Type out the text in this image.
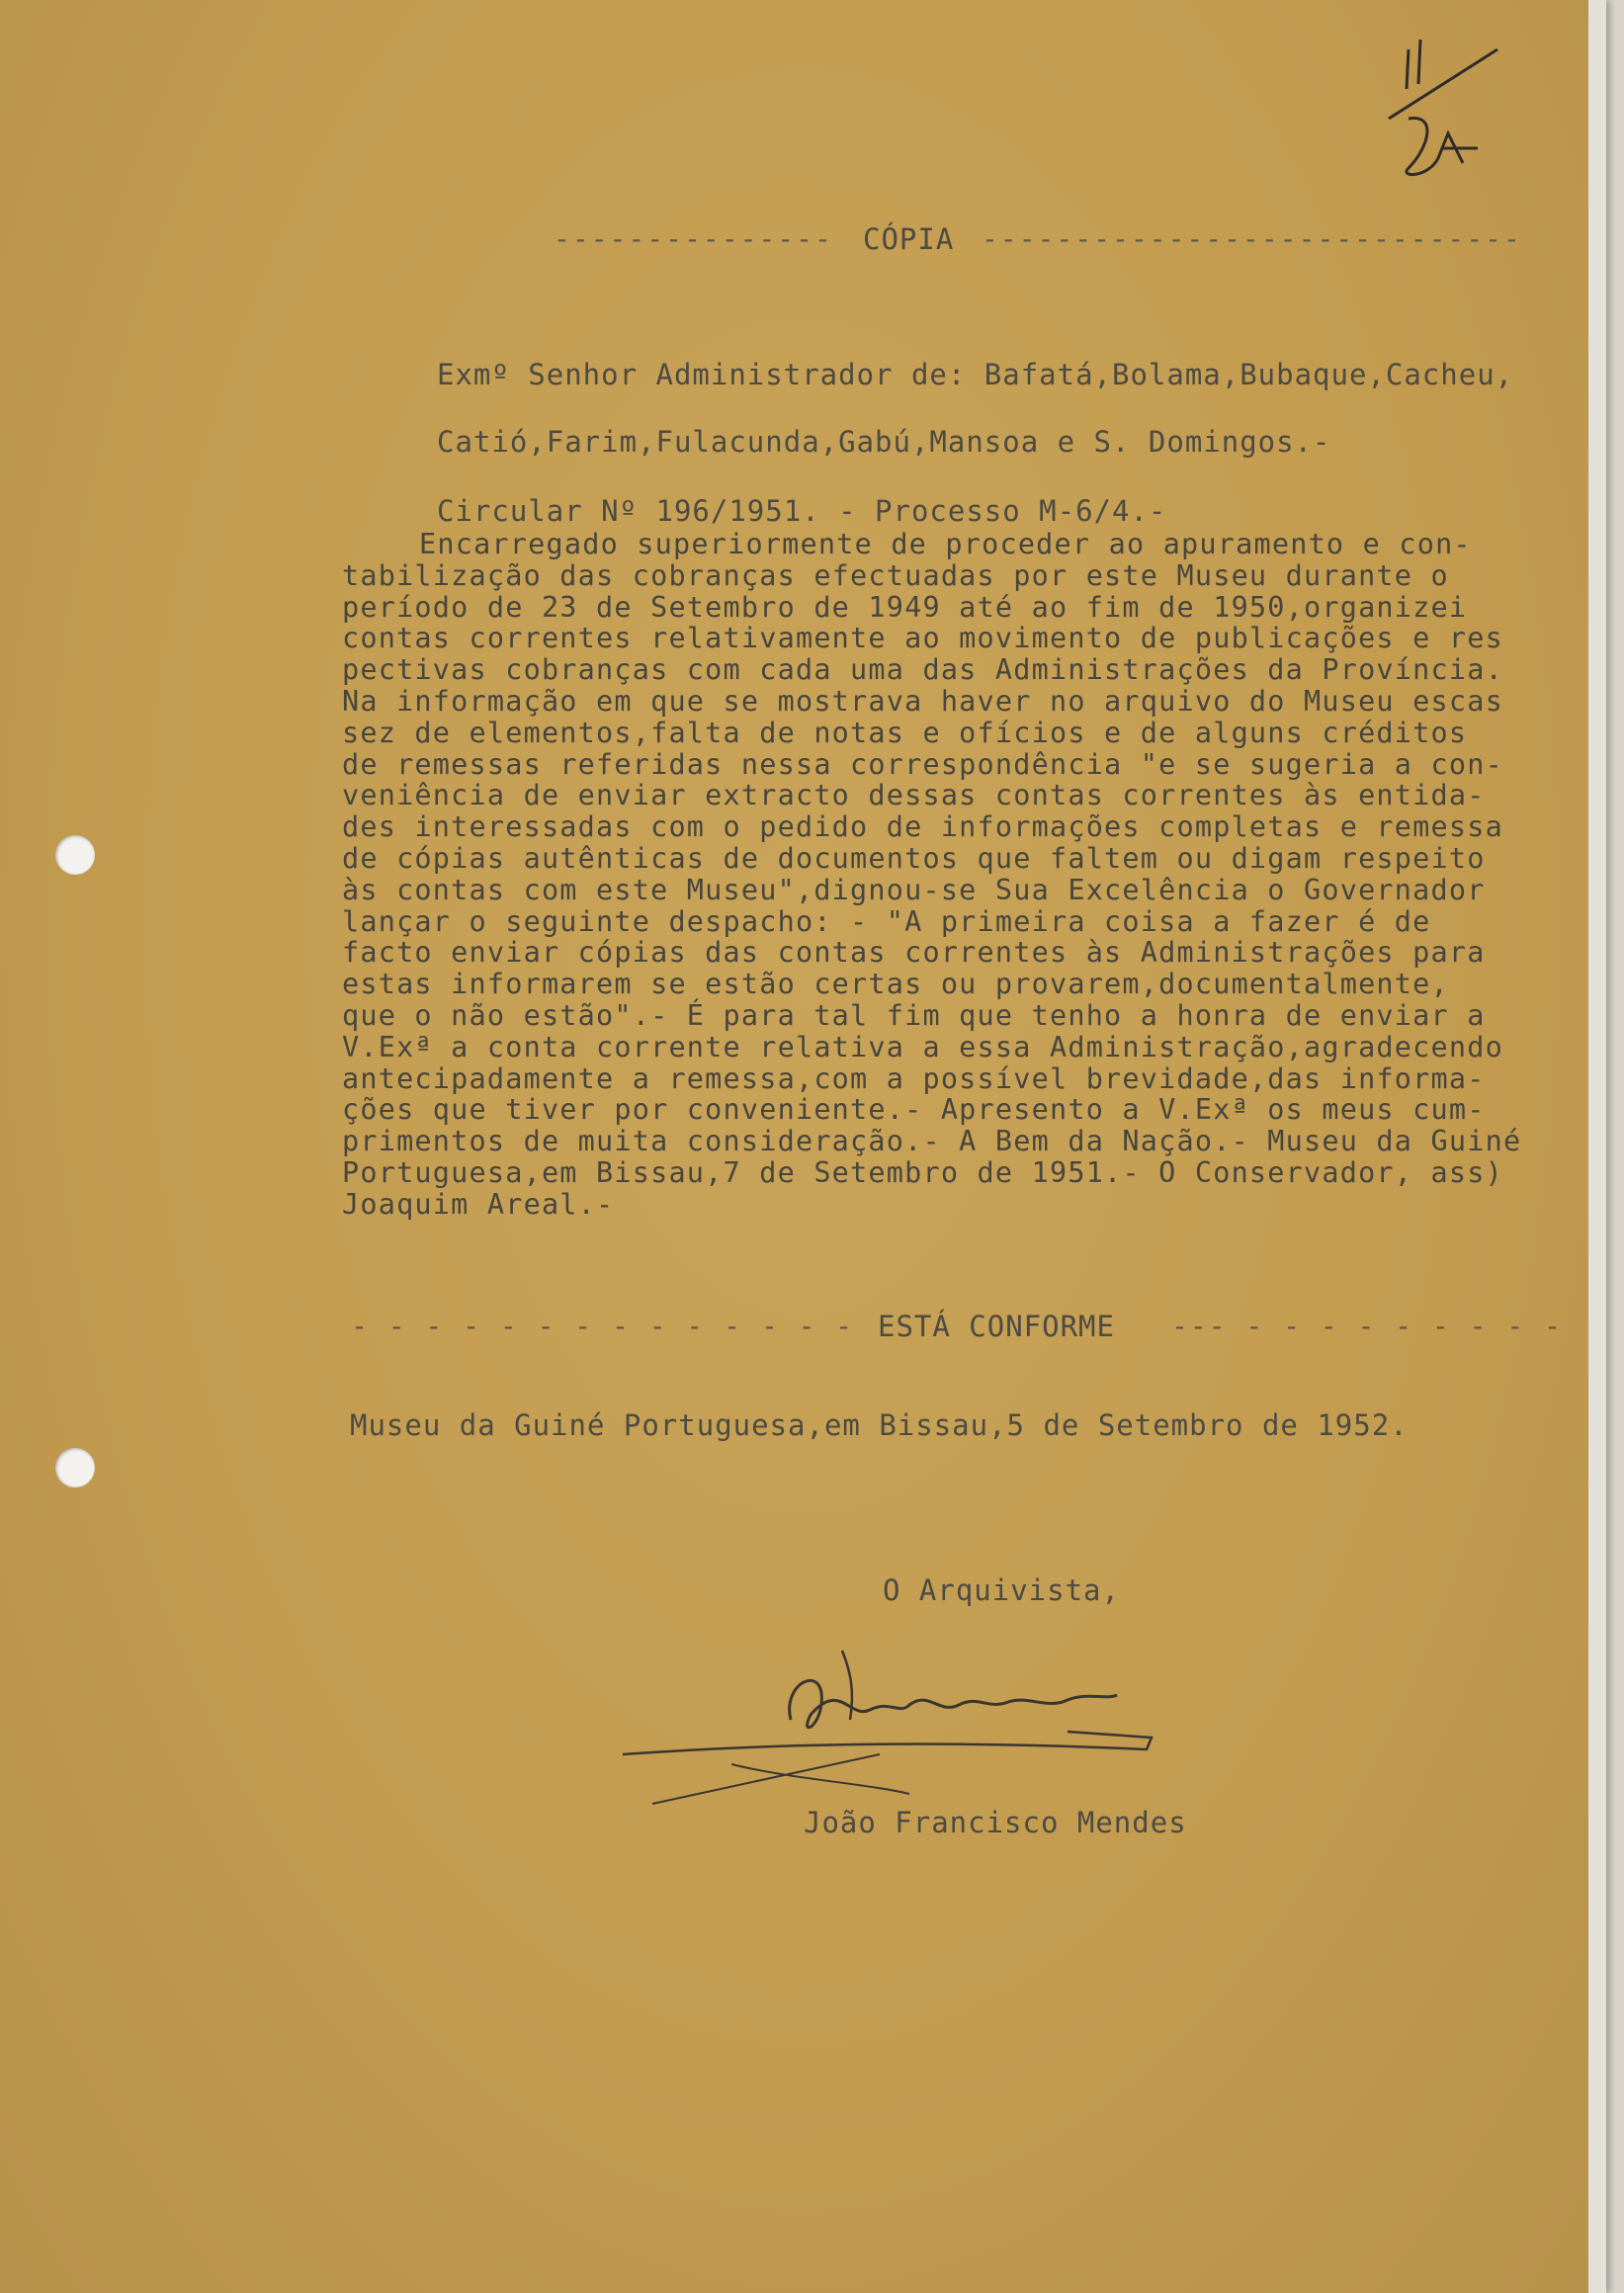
--------------- CÓPIA -----------------------------
Exmº Senhor Administrador de: Bafatá,Bolama,Bubaque,Cacheu,
Catió,Farim,Fulacunda,Gabú,Mansoa e S. Domingos.-
Circular Nº 196/1951. - Processo M-6/4.-
Encarregado superiormente de proceder ao apuramento e con-
tabilização das cobranças efectuadas por este Museu durante o
período de 23 de Setembro de 1949 até ao fim de 1950,organizei
contas correntes relativamente ao movimento de publicações e res
pectivas cobranças com cada uma das Administrações da Província.
Na informação em que se mostrava haver no arquivo do Museu escas
sez de elementos,falta de notas e ofícios e de alguns créditos
de remessas referidas nessa correspondência "e se sugeria a con-
veniência de enviar extracto dessas contas correntes às entida-
des interessadas com o pedido de informações completas e remessa
de cópias autênticas de documentos que faltem ou digam respeito
às contas com este Museu",dignou-se Sua Excelência o Governador
lançar o seguinte despacho: - "A primeira coisa a fazer é de
facto enviar cópias das contas correntes às Administrações para
estas informarem se estão certas ou provarem,documentalmente,
que o não estão".- É para tal fim que tenho a honra de enviar a
V.Exª a conta corrente relativa a essa Administração,agradecendo
antecipadamente a remessa,com a possível brevidade,das informa-
ções que tiver por conveniente.- Apresento a V.Exª os meus cum-
primentos de muita consideração.- A Bem da Nação.- Museu da Guiné
Portuguesa,em Bissau,7 de Setembro de 1951.- O Conservador, ass)
Joaquim Areal.-
- - - - - - - - - - - - - - ESTÁ CONFORME --- - - - - - - - - -
Museu da Guiné Portuguesa,em Bissau,5 de Setembro de 1952.
O Arquivista,
João Francisco Mendes
